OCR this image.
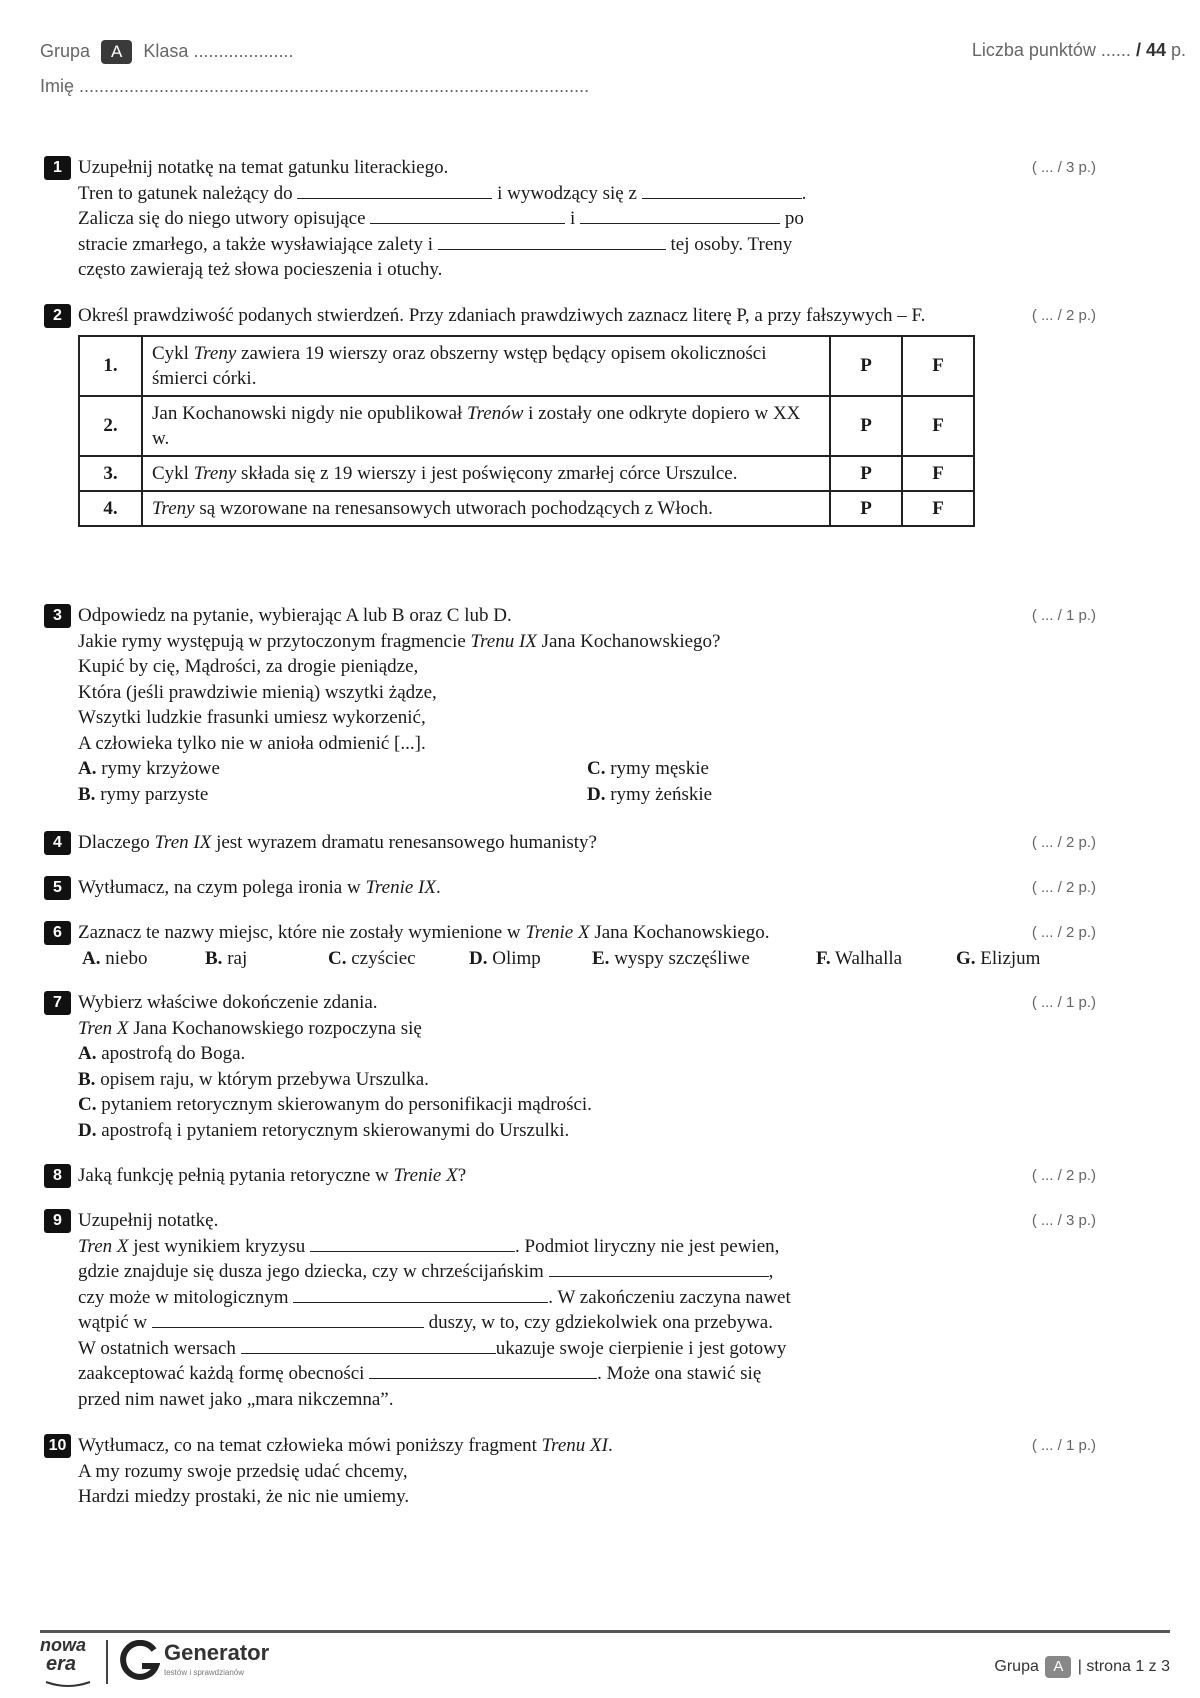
Grupa A Klasa ....................	Liczba punktów ...... / 44 p.
Imię ......................................................................................................
1	( ... / 3 p.)
Uzupełnij notatkę na temat gatunku literackiego.
Tren to gatunek należący do	i wywodzący się z	.
Zalicza się do niego utwory opisujące	i	po
stracie zmarłego, a także wysławiające zalety i	tej osoby. Treny
często zawierają też słowa pocieszenia i otuchy.
2	( ... / 2 p.)
Określ prawdziwość podanych stwierdzeń. Przy zdaniach prawdziwych zaznacz literę P, a przy fałszywych – F.
1.	Cykl Treny zawiera 19 wierszy oraz obszerny wstęp będący opisem okoliczności śmierci córki.	P	F
2.	Jan Kochanowski nigdy nie opublikował Trenów i zostały one odkryte dopiero w XX w.	P	F
3.	Cykl Treny składa się z 19 wierszy i jest poświęcony zmarłej córce Urszulce.	P	F
4.	Treny są wzorowane na renesansowych utworach pochodzących z Włoch.	P	F
3	( ... / 1 p.)
Odpowiedz na pytanie, wybierając A lub B oraz C lub D.
Jakie rymy występują w przytoczonym fragmencie Trenu IX Jana Kochanowskiego?
Kupić by cię, Mądrości, za drogie pieniądze,
Która (jeśli prawdziwie mienią) wszytki żądze,
Wszytki ludzkie frasunki umiesz wykorzenić,
A człowieka tylko nie w anioła odmienić [...].
A. rymy krzyżowe	C. rymy męskie
B. rymy parzyste	D. rymy żeńskie
4	( ... / 2 p.)
Dlaczego Tren IX jest wyrazem dramatu renesansowego humanisty?
5	( ... / 2 p.)
Wytłumacz, na czym polega ironia w Trenie IX.
6	( ... / 2 p.)
Zaznacz te nazwy miejsc, które nie zostały wymienione w Trenie X Jana Kochanowskiego.
A. niebo	B. raj	C. czyściec	D. Olimp	E. wyspy szczęśliwe	F. Walhalla	G. Elizjum
7	( ... / 1 p.)
Wybierz właściwe dokończenie zdania.
Tren X Jana Kochanowskiego rozpoczyna się
A. apostrofą do Boga.
B. opisem raju, w którym przebywa Urszulka.
C. pytaniem retorycznym skierowanym do personifikacji mądrości.
D. apostrofą i pytaniem retorycznym skierowanymi do Urszulki.
8	( ... / 2 p.)
Jaką funkcję pełnią pytania retoryczne w Trenie X?
9	( ... / 3 p.)
Uzupełnij notatkę.
Tren X jest wynikiem kryzysu	. Podmiot liryczny nie jest pewien,
gdzie znajduje się dusza jego dziecka, czy w chrześcijańskim	,
czy może w mitologicznym	. W zakończeniu zaczyna nawet
wątpić w	duszy, w to, czy gdziekolwiek ona przebywa.
W ostatnich wersach	ukazuje swoje cierpienie i jest gotowy
zaakceptować każdą formę obecności	. Może ona stawić się
przed nim nawet jako „mara nikczemna”.
10	( ... / 1 p.)
Wytłumacz, co na temat człowieka mówi poniższy fragment Trenu XI.
A my rozumy swoje przedsię udać chcemy,
Hardzi miedzy prostaki, że nic nie umiemy.
nowa
era	Generator
testów i sprawdzianów	Grupa A | strona 1 z 3
